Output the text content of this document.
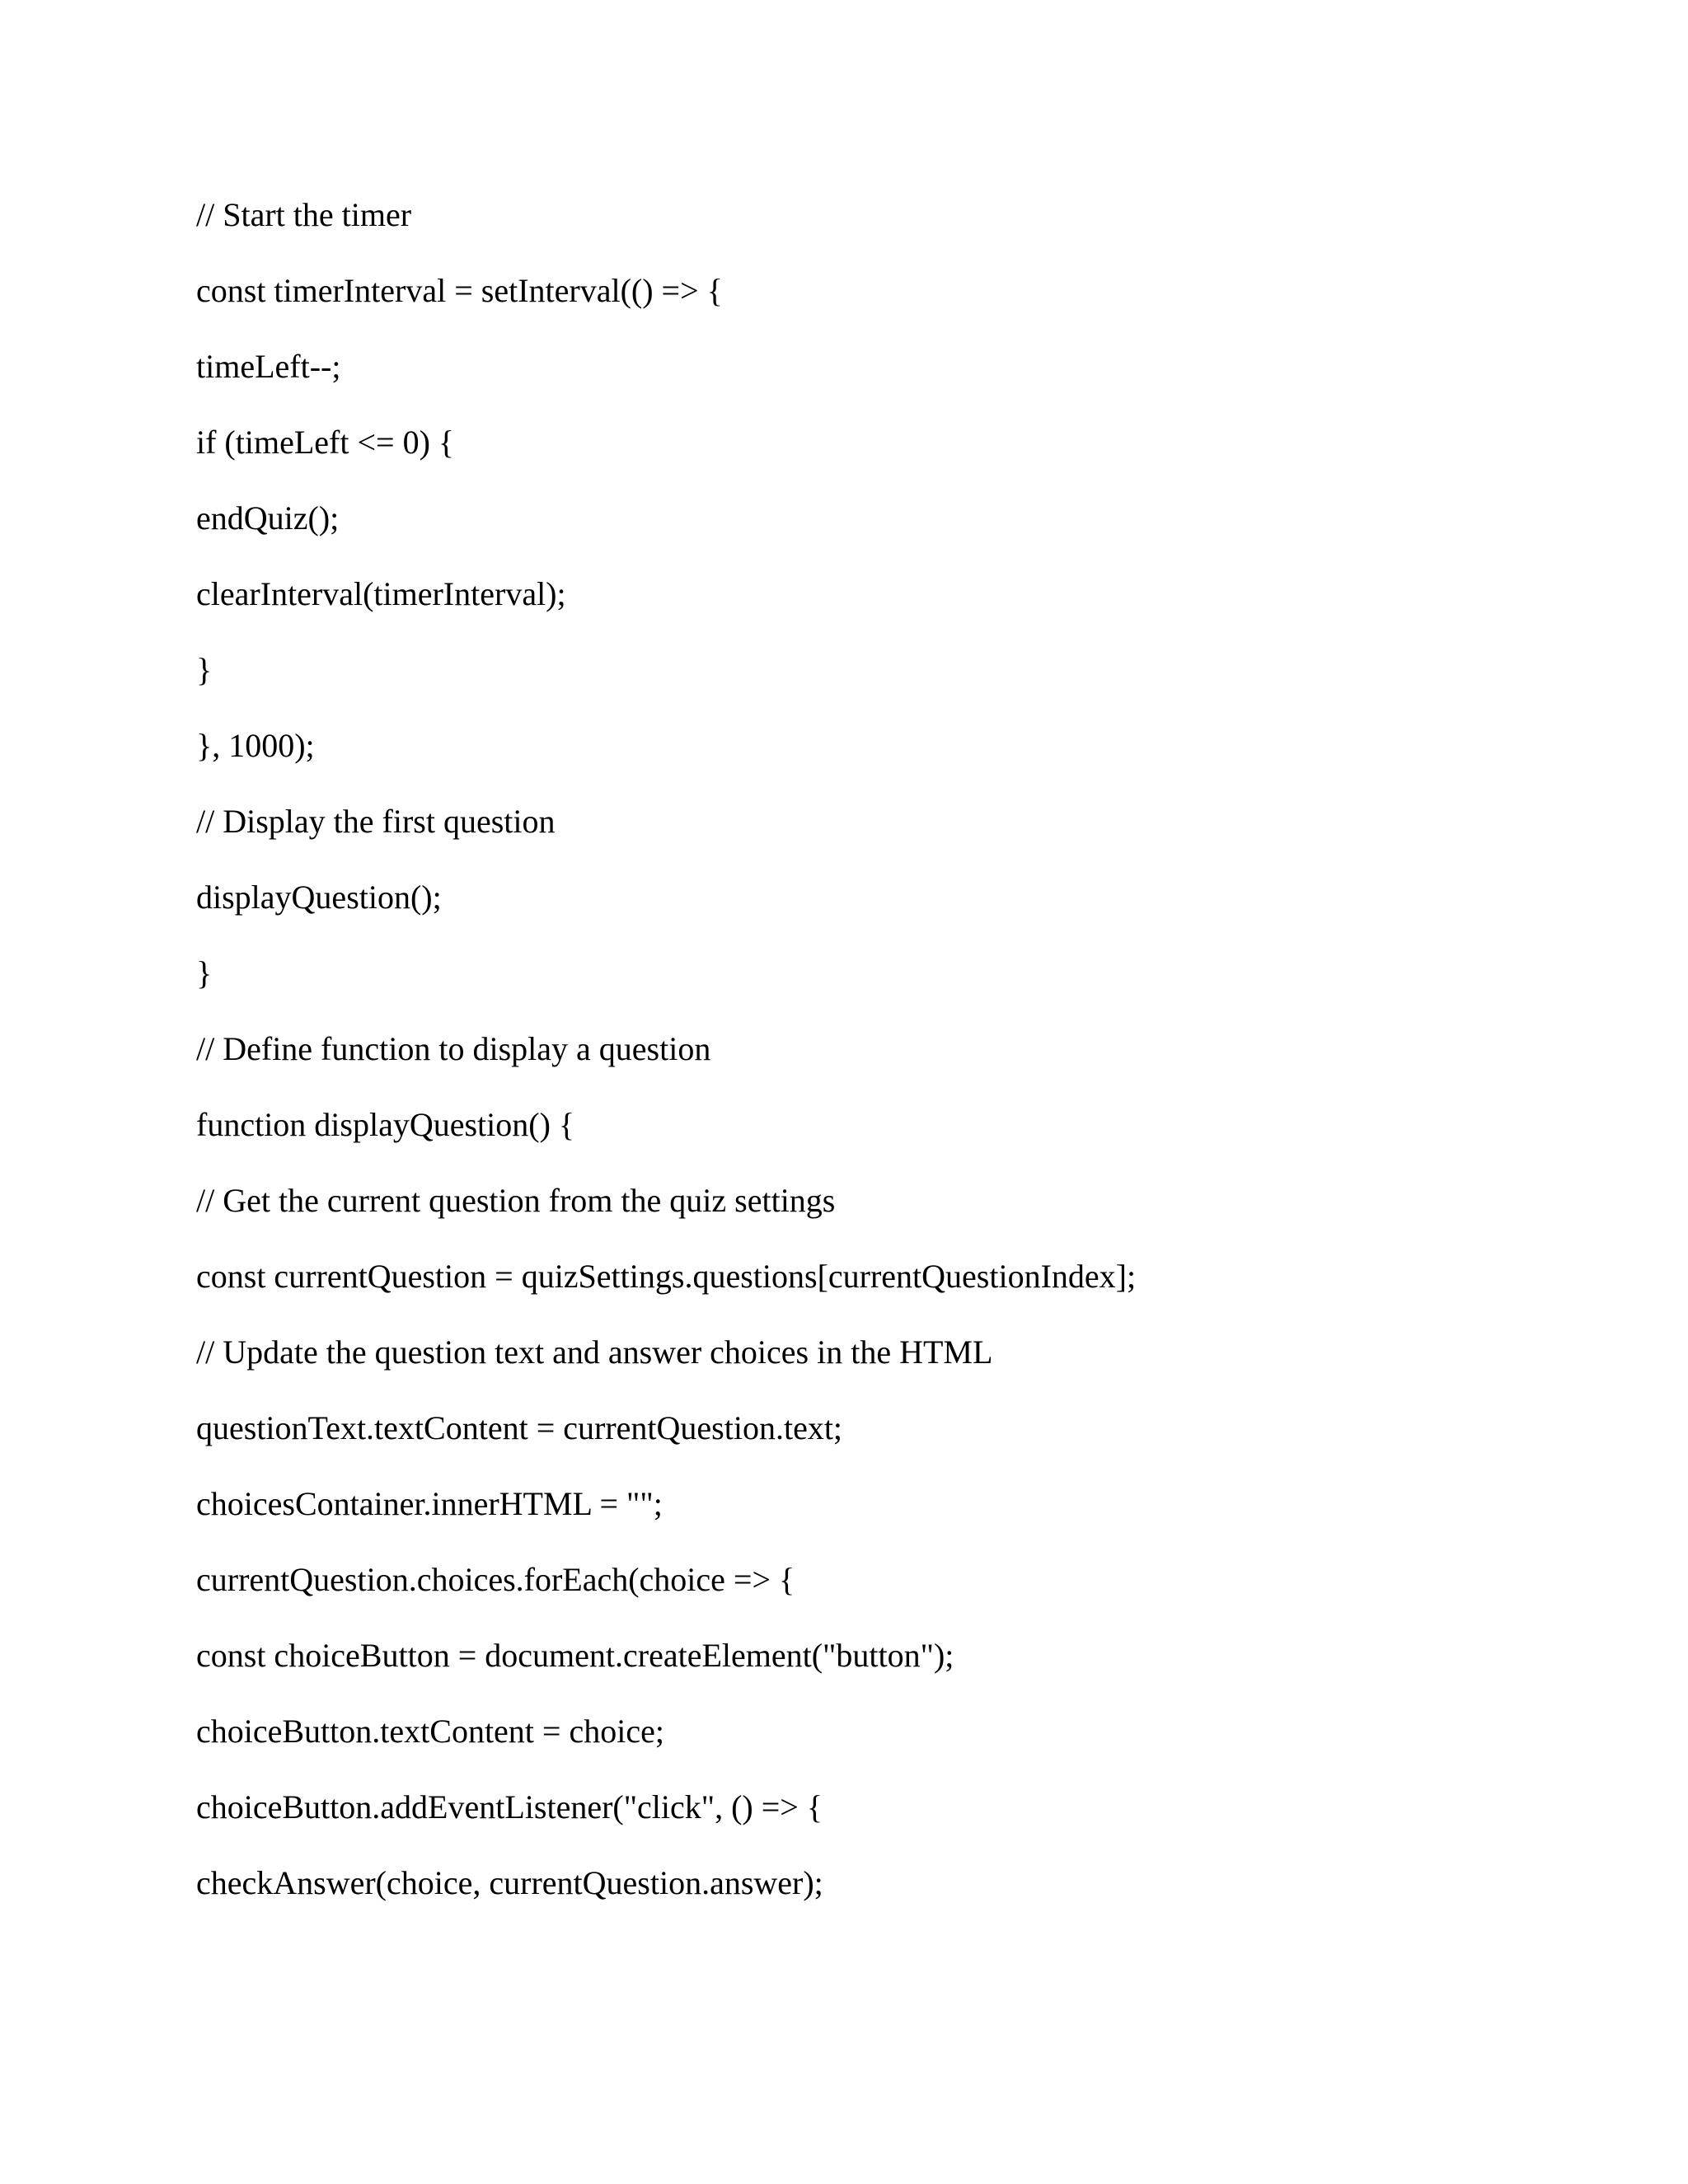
// Start the timer
const timerInterval = setInterval(() => {
timeLeft--;
if (timeLeft <= 0) {
endQuiz();
clearInterval(timerInterval);
}
}, 1000);
// Display the first question
displayQuestion();
}
// Define function to display a question
function displayQuestion() {
// Get the current question from the quiz settings
const currentQuestion = quizSettings.questions[currentQuestionIndex];
// Update the question text and answer choices in the HTML
questionText.textContent = currentQuestion.text;
choicesContainer.innerHTML = "";
currentQuestion.choices.forEach(choice => {
const choiceButton = document.createElement("button");
choiceButton.textContent = choice;
choiceButton.addEventListener("click", () => {
checkAnswer(choice, currentQuestion.answer);
